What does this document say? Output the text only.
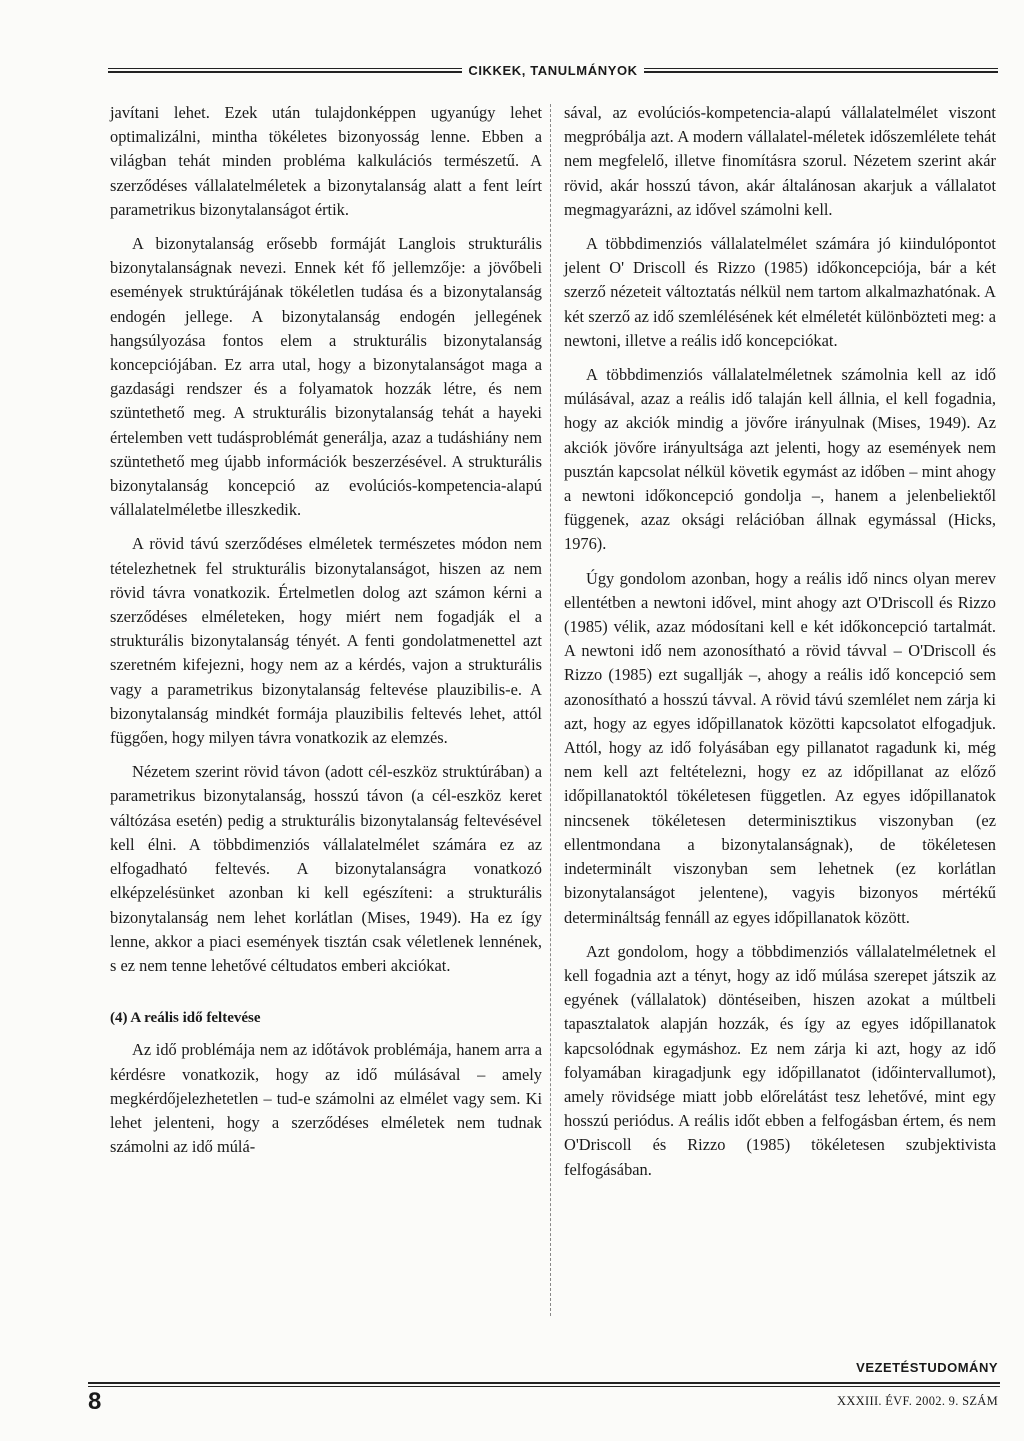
CIKKEK, TANULMÁNYOK

javítani lehet. Ezek után tulajdonképpen ugyanúgy lehet optimalizálni, mintha tökéletes bizonyosság lenne. Ebben a világban tehát minden probléma kalkulációs természetű. A szerződéses vállalatelméletek a bizonytalanság alatt a fent leírt parametrikus bizonytalanságot értik.

A bizonytalanság erősebb formáját Langlois strukturális bizonytalanságnak nevezi. Ennek két fő jellemzője: a jövőbeli események struktúrájának tökéletlen tudása és a bizonytalanság endogén jellege. A bizonytalanság endogén jellegének hangsúlyozása fontos elem a strukturális bizonytalanság koncepciójában. Ez arra utal, hogy a bizonytalanságot maga a gazdasági rendszer és a folyamatok hozzák létre, és nem szüntethető meg. A strukturális bizonytalanság tehát a hayeki értelemben vett tudásproblémát generálja, azaz a tudáshiány nem szüntethető meg újabb információk beszerzésével. A strukturális bizonytalanság koncepció az evolúciós-kompetencia-alapú vállalatelméletbe illeszkedik.

A rövid távú szerződéses elméletek természetes módon nem tételezhetnek fel strukturális bizonytalanságot, hiszen az nem rövid távra vonatkozik. Értelmetlen dolog azt számon kérni a szerződéses elméleteken, hogy miért nem fogadják el a strukturális bizonytalanság tényét. A fenti gondolatmenettel azt szeretném kifejezni, hogy nem az a kérdés, vajon a strukturális vagy a parametrikus bizonytalanság feltevése plauzibilis-e. A bizonytalanság mindkét formája plauzibilis feltevés lehet, attól függően, hogy milyen távra vonatkozik az elemzés.

Nézetem szerint rövid távon (adott cél-eszköz struktúrában) a parametrikus bizonytalanság, hosszú távon (a cél-eszköz keret váltózása esetén) pedig a strukturális bizonytalanság feltevésével kell élni. A többdimenziós vállalatelmélet számára ez az elfogadható feltevés. A bizonytalanságra vonatkozó elképzelésünket azonban ki kell egészíteni: a strukturális bizonytalanság nem lehet korlátlan (Mises, 1949). Ha ez így lenne, akkor a piaci események tisztán csak véletlenek lennének, s ez nem tenne lehetővé céltudatos emberi akciókat.

(4) A reális idő feltevése

Az idő problémája nem az időtávok problémája, hanem arra a kérdésre vonatkozik, hogy az idő múlásával – amely megkérdőjelezhetetlen – tud-e számolni az elmélet vagy sem. Ki lehet jelenteni, hogy a szerződéses elméletek nem tudnak számolni az idő múlá-

sával, az evolúciós-kompetencia-alapú vállalatelmélet viszont megpróbálja azt. A modern vállalatel-méletek időszemlélete tehát nem megfelelő, illetve finomításra szorul. Nézetem szerint akár rövid, akár hosszú távon, akár általánosan akarjuk a vállalatot megmagyarázni, az idővel számolni kell.

A többdimenziós vállalatelmélet számára jó kiindulópontot jelent O' Driscoll és Rizzo (1985) időkoncepciója, bár a két szerző nézeteit változtatás nélkül nem tartom alkalmazhatónak. A két szerző az idő szemlélésének két elméletét különbözteti meg: a newtoni, illetve a reális idő koncepciókat.

A többdimenziós vállalatelméletnek számolnia kell az idő múlásával, azaz a reális idő talaján kell állnia, el kell fogadnia, hogy az akciók mindig a jövőre irányulnak (Mises, 1949). Az akciók jövőre irányultsága azt jelenti, hogy az események nem pusztán kapcsolat nélkül követik egymást az időben – mint ahogy a newtoni időkoncepció gondolja –, hanem a jelenbeliektől függenek, azaz oksági relációban állnak egymással (Hicks, 1976).

Úgy gondolom azonban, hogy a reális idő nincs olyan merev ellentétben a newtoni idővel, mint ahogy azt O'Driscoll és Rizzo (1985) vélik, azaz módosítani kell e két időkoncepció tartalmát. A newtoni idő nem azonosítható a rövid távval – O'Driscoll és Rizzo (1985) ezt sugallják –, ahogy a reális idő koncepció sem azonosítható a hosszú távval. A rövid távú szemlélet nem zárja ki azt, hogy az egyes időpillanatok közötti kapcsolatot elfogadjuk. Attól, hogy az idő folyásában egy pillanatot ragadunk ki, még nem kell azt feltételezni, hogy ez az időpillanat az előző időpillanatoktól tökéletesen független. Az egyes időpillanatok nincsenek tökéletesen determinisztikus viszonyban (ez ellentmondana a bizonytalanságnak), de tökéletesen indeterminált viszonyban sem lehetnek (ez korlátlan bizonytalanságot jelentene), vagyis bizonyos mértékű determináltság fennáll az egyes időpillanatok között.

Azt gondolom, hogy a többdimenziós vállalatelméletnek el kell fogadnia azt a tényt, hogy az idő múlása szerepet játszik az egyének (vállalatok) döntéseiben, hiszen azokat a múltbeli tapasztalatok alapján hozzák, és így az egyes időpillanatok kapcsolódnak egymáshoz. Ez nem zárja ki azt, hogy az idő folyamában kiragadjunk egy időpillanatot (időintervallumot), amely rövidsége miatt jobb előrelátást tesz lehetővé, mint egy hosszú periódus. A reális időt ebben a felfogásban értem, és nem O'Driscoll és Rizzo (1985) tökéletesen szubjektivista felfogásában.

VEZETÉSTUDOMÁNY
8	XXXIII. ÉVF. 2002. 9. SZÁM
